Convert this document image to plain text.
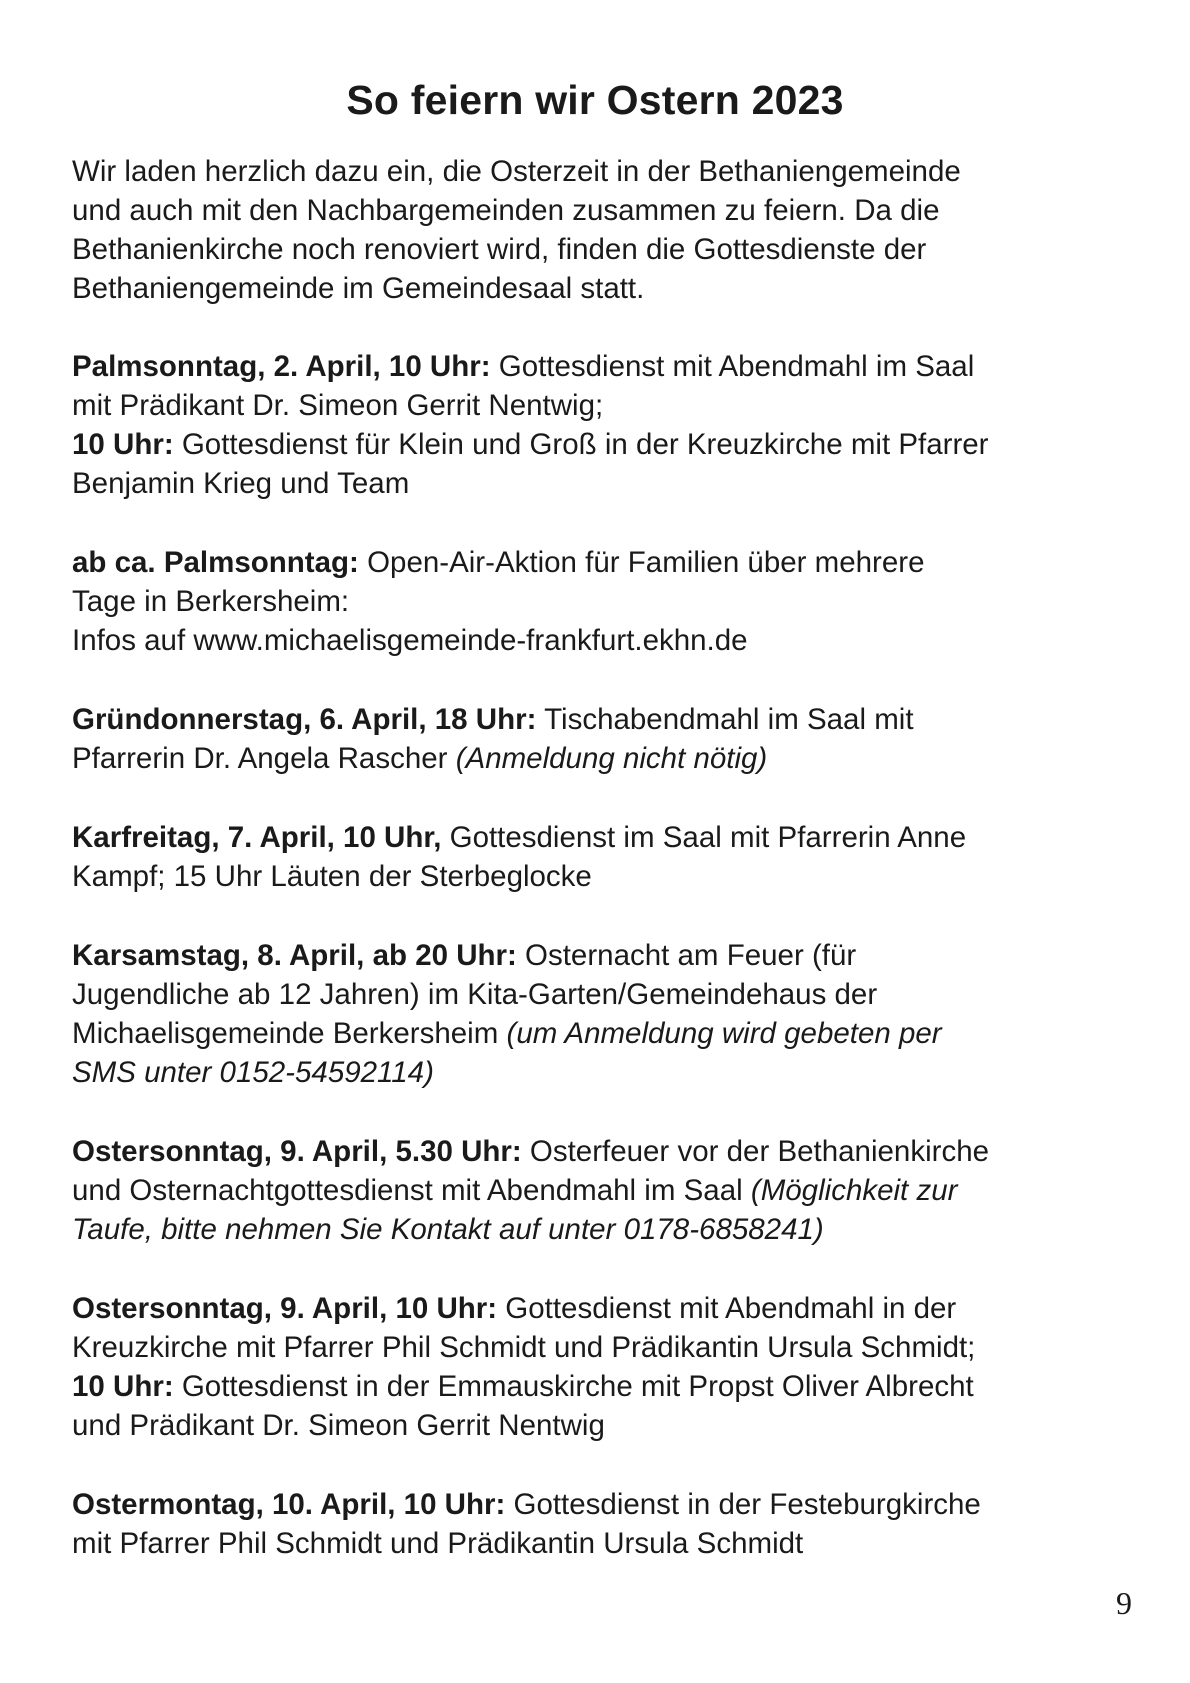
So feiern wir Ostern 2023
Wir laden herzlich dazu ein, die Osterzeit in der Bethaniengemeinde
und auch mit den Nachbargemeinden zusammen zu feiern. Da die
Bethanienkirche noch renoviert wird, finden die Gottesdienste der
Bethaniengemeinde im Gemeindesaal statt.
Palmsonntag, 2. April, 10 Uhr: Gottesdienst mit Abendmahl im Saal
mit Prädikant Dr. Simeon Gerrit Nentwig;
10 Uhr: Gottesdienst für Klein und Groß in der Kreuzkirche mit Pfarrer
Benjamin Krieg und Team
ab ca. Palmsonntag: Open-Air-Aktion für Familien über mehrere
Tage in Berkersheim:
Infos auf www.michaelisgemeinde-frankfurt.ekhn.de
Gründonnerstag, 6. April, 18 Uhr: Tischabendmahl im Saal mit
Pfarrerin Dr. Angela Rascher (Anmeldung nicht nötig)
Karfreitag, 7. April, 10 Uhr, Gottesdienst im Saal mit Pfarrerin Anne
Kampf; 15 Uhr Läuten der Sterbeglocke
Karsamstag, 8. April, ab 20 Uhr: Osternacht am Feuer (für
Jugendliche ab 12 Jahren) im Kita-Garten/Gemeindehaus der
Michaelisgemeinde Berkersheim (um Anmeldung wird gebeten per
SMS unter 0152-54592114)
Ostersonntag, 9. April, 5.30 Uhr: Osterfeuer vor der Bethanienkirche
und Osternachtgottesdienst mit Abendmahl im Saal (Möglichkeit zur
Taufe, bitte nehmen Sie Kontakt auf unter 0178-6858241)
Ostersonntag, 9. April, 10 Uhr: Gottesdienst mit Abendmahl in der
Kreuzkirche mit Pfarrer Phil Schmidt und Prädikantin Ursula Schmidt;
10 Uhr: Gottesdienst in der Emmauskirche mit Propst Oliver Albrecht
und Prädikant Dr. Simeon Gerrit Nentwig
Ostermontag, 10. April, 10 Uhr: Gottesdienst in der Festeburgkirche
mit Pfarrer Phil Schmidt und Prädikantin Ursula Schmidt
9
